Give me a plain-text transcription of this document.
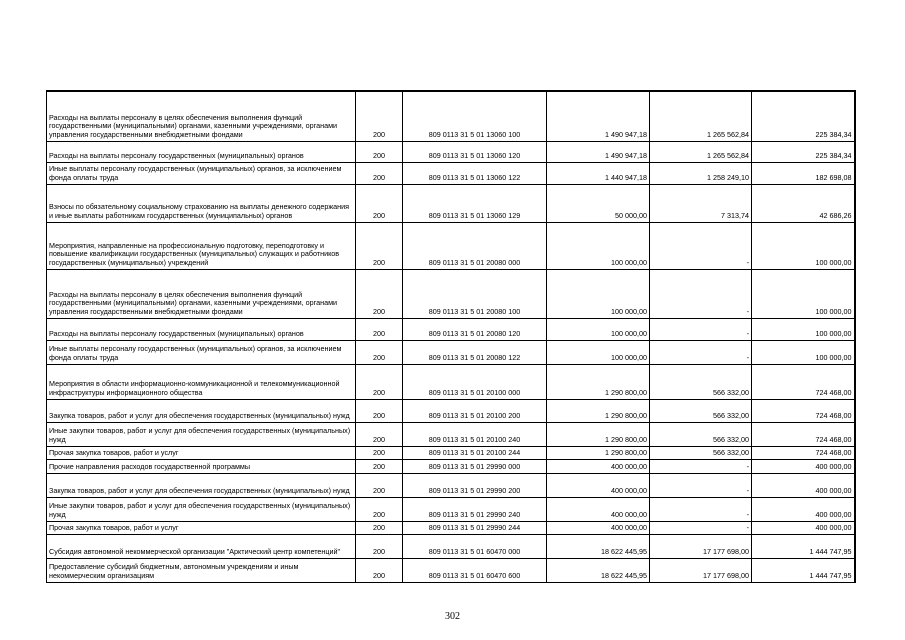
Расходы на выплаты персоналу в целях обеспечения выполнения функций государственными (муниципальными) органами, казенными учреждениями, органами управления государственными внебюджетными фондами	200	809 0113 31 5 01 13060 100	1 490 947,18	1 265 562,84	225 384,34
Расходы на выплаты персоналу государственных (муниципальных) органов	200	809 0113 31 5 01 13060 120	1 490 947,18	1 265 562,84	225 384,34
Иные выплаты персоналу государственных (муниципальных) органов, за исключением фонда оплаты труда	200	809 0113 31 5 01 13060 122	1 440 947,18	1 258 249,10	182 698,08
Взносы по обязательному социальному страхованию на выплаты денежного содержания и иные выплаты работникам государственных (муниципальных) органов	200	809 0113 31 5 01 13060 129	50 000,00	7 313,74	42 686,26
Мероприятия, направленные на профессиональную подготовку, переподготовку и повышение квалификации государственных (муниципальных) служащих и работников государственных (муниципальных) учреждений	200	809 0113 31 5 01 20080 000	100 000,00	-	100 000,00
Расходы на выплаты персоналу в целях обеспечения выполнения функций государственными (муниципальными) органами, казенными учреждениями, органами управления государственными внебюджетными фондами	200	809 0113 31 5 01 20080 100	100 000,00	-	100 000,00
Расходы на выплаты персоналу государственных (муниципальных) органов	200	809 0113 31 5 01 20080 120	100 000,00	-	100 000,00
Иные выплаты персоналу государственных (муниципальных) органов, за исключением фонда оплаты труда	200	809 0113 31 5 01 20080 122	100 000,00	-	100 000,00
Мероприятия в области информационно-коммуникационной и телекоммуникационной инфраструктуры информационного общества	200	809 0113 31 5 01 20100 000	1 290 800,00	566 332,00	724 468,00
Закупка товаров, работ и услуг для обеспечения государственных (муниципальных) нужд	200	809 0113 31 5 01 20100 200	1 290 800,00	566 332,00	724 468,00
Иные закупки товаров, работ и услуг для обеспечения государственных (муниципальных) нужд	200	809 0113 31 5 01 20100 240	1 290 800,00	566 332,00	724 468,00
Прочая закупка товаров, работ и услуг	200	809 0113 31 5 01 20100 244	1 290 800,00	566 332,00	724 468,00
Прочие направления расходов государственной программы	200	809 0113 31 5 01 29990 000	400 000,00	-	400 000,00
Закупка товаров, работ и услуг для обеспечения государственных (муниципальных) нужд	200	809 0113 31 5 01 29990 200	400 000,00	-	400 000,00
Иные закупки товаров, работ и услуг для обеспечения государственных (муниципальных) нужд	200	809 0113 31 5 01 29990 240	400 000,00	-	400 000,00
Прочая закупка товаров, работ и услуг	200	809 0113 31 5 01 29990 244	400 000,00	-	400 000,00
Субсидия автономной некоммерческой организации "Арктический центр компетенций"	200	809 0113 31 5 01 60470 000	18 622 445,95	17 177 698,00	1 444 747,95
Предоставление субсидий бюджетным, автономным учреждениям и иным некоммерческим организациям	200	809 0113 31 5 01 60470 600	18 622 445,95	17 177 698,00	1 444 747,95
302
